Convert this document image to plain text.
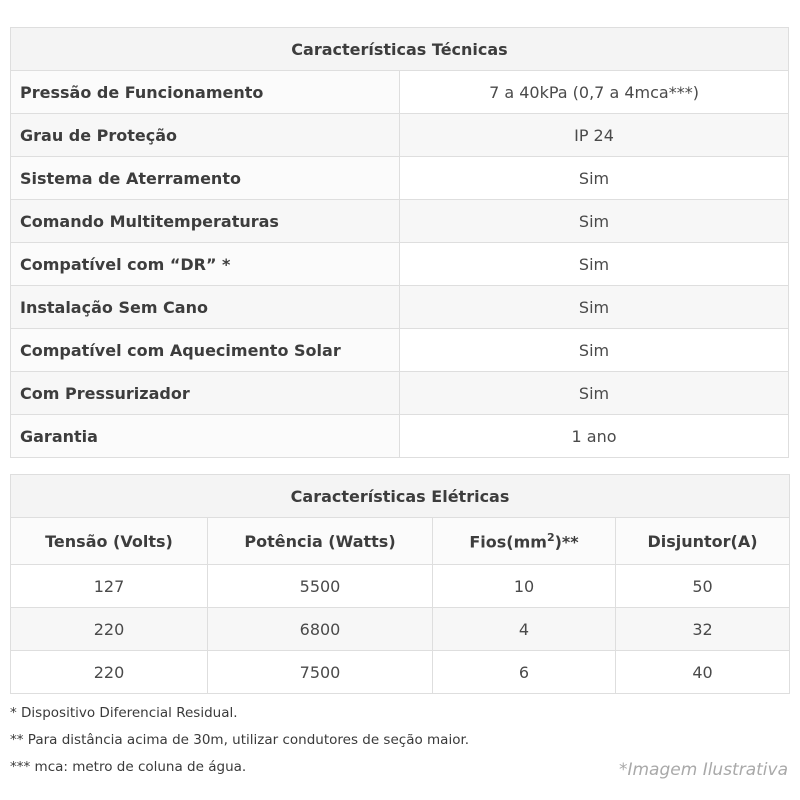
Características Técnicas	
Pressão de Funcionamento	7 a 40kPa (0,7 a 4mca***)
Grau de Proteção	IP 24
Sistema de Aterramento	Sim
Comando Multitemperaturas	Sim
Compatível com “DR” *	Sim
Instalação Sem Cano	Sim
Compatível com Aquecimento Solar	Sim
Com Pressurizador	Sim
Garantia	1 ano
Características Elétricas			
Tensão (Volts)	Potência (Watts)	$Fios(mm^2)**$	Disjuntor(A)
127	5500	10	50
220	6800	4	32
220	7500	6	40
* Dispositivo Diferencial Residual.
** Para distância acima de 30m, utilizar condutores de seção maior.
*** mca: metro de coluna de água.	*Imagem Ilustrativa
